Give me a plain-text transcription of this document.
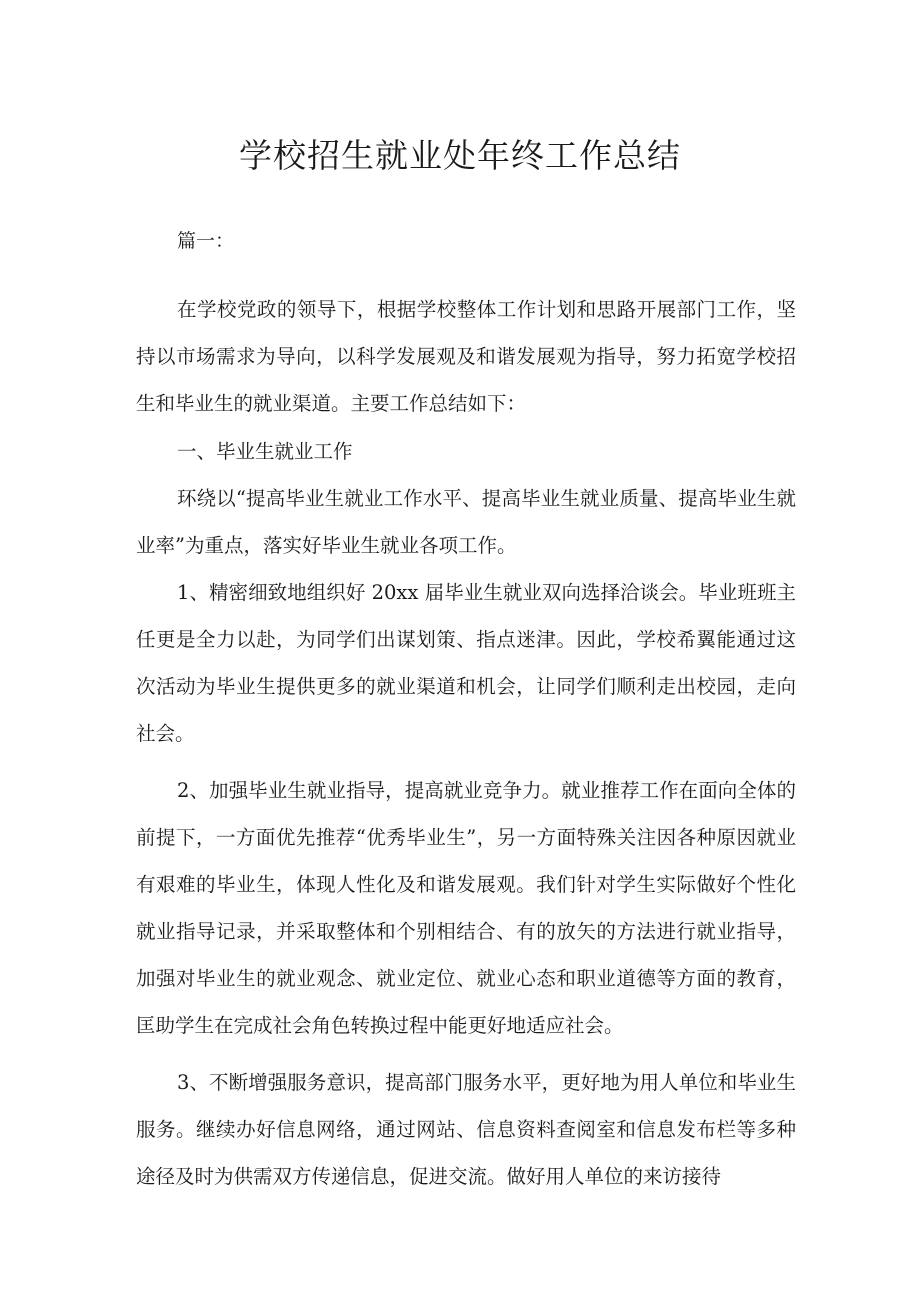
学校招生就业处年终工作总结

篇一：

在学校党政的领导下，根据学校整体工作计划和思路开展部门工作，坚持以市场需求为导向，以科学发展观及和谐发展观为指导，努力拓宽学校招生和毕业生的就业渠道。主要工作总结如下：

一、毕业生就业工作

环绕以“提高毕业生就业工作水平、提高毕业生就业质量、提高毕业生就业率”为重点，落实好毕业生就业各项工作。

1、精密细致地组织好 20xx 届毕业生就业双向选择洽谈会。毕业班班主任更是全力以赴，为同学们出谋划策、指点迷津。因此，学校希翼能通过这次活动为毕业生提供更多的就业渠道和机会，让同学们顺利走出校园，走向社会。

2、加强毕业生就业指导，提高就业竞争力。就业推荐工作在面向全体的前提下，一方面优先推荐“优秀毕业生”，另一方面特殊关注因各种原因就业有艰难的毕业生，体现人性化及和谐发展观。我们针对学生实际做好个性化就业指导记录，并采取整体和个别相结合、有的放矢的方法进行就业指导，加强对毕业生的就业观念、就业定位、就业心态和职业道德等方面的教育，匡助学生在完成社会角色转换过程中能更好地适应社会。

3、不断增强服务意识，提高部门服务水平，更好地为用人单位和毕业生服务。继续办好信息网络，通过网站、信息资料查阅室和信息发布栏等多种途径及时为供需双方传递信息，促进交流。做好用人单位的来访接待
